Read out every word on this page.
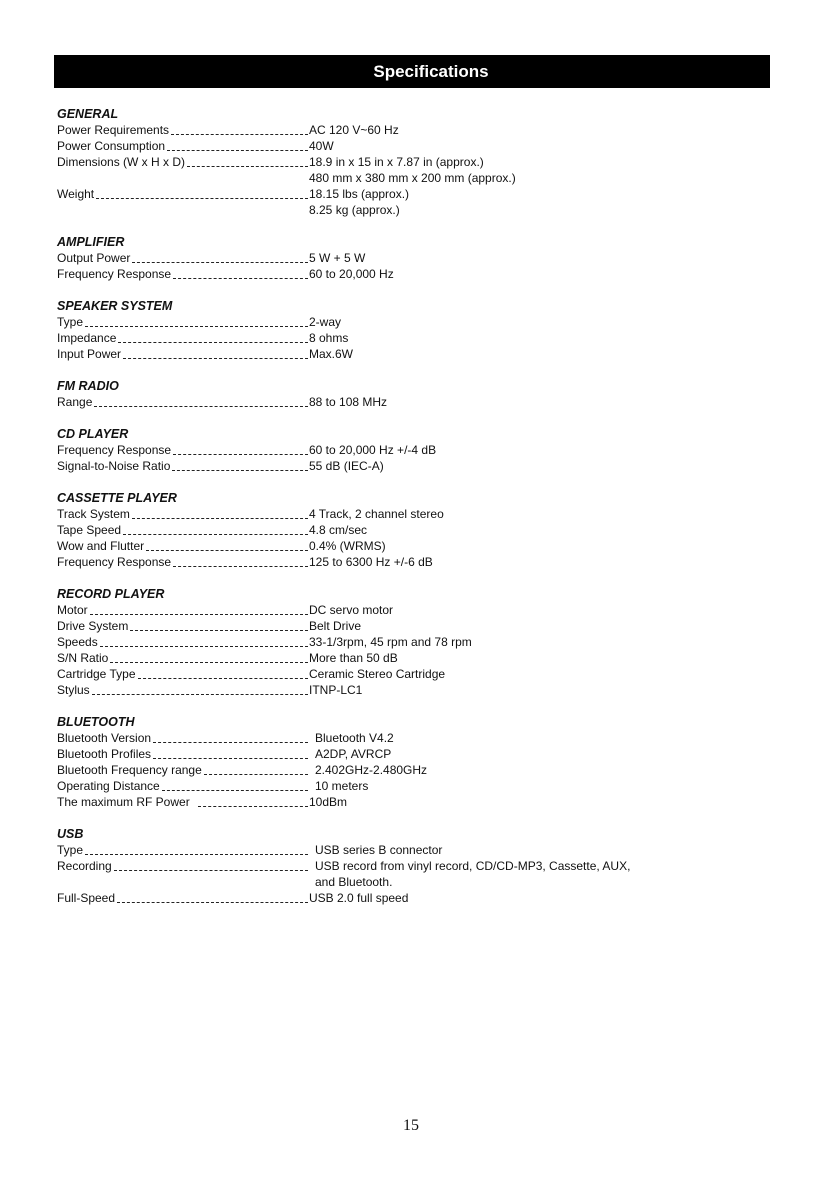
Specifications
GENERAL
Power Requirements	AC 120 V~60 Hz
Power Consumption	40W
Dimensions (W x H x D)	18.9 in x 15 in x 7.87 in (approx.)
480 mm x 380 mm x 200 mm (approx.)
Weight	18.15 lbs (approx.)
8.25 kg (approx.)
AMPLIFIER
Output Power	5 W + 5 W
Frequency Response	60 to 20,000 Hz
SPEAKER SYSTEM
Type	2-way
Impedance	8 ohms
Input Power	Max.6W
FM RADIO
Range	88 to 108 MHz
CD PLAYER
Frequency Response	60 to 20,000 Hz +/-4 dB
Signal-to-Noise Ratio	55 dB (IEC-A)
CASSETTE PLAYER
Track System	4 Track, 2 channel stereo
Tape Speed	4.8 cm/sec
Wow and Flutter	0.4% (WRMS)
Frequency Response	125 to 6300 Hz +/-6 dB
RECORD PLAYER
Motor	DC servo motor
Drive System	Belt Drive
Speeds	33-1/3rpm, 45 rpm and 78 rpm
S/N Ratio	More than 50 dB
Cartridge Type	Ceramic Stereo Cartridge
Stylus	ITNP-LC1
BLUETOOTH
Bluetooth Version	Bluetooth V4.2
Bluetooth Profiles	A2DP, AVRCP
Bluetooth Frequency range	2.402GHz-2.480GHz
Operating Distance	10 meters
The maximum RF Power	10dBm
USB
Type	USB series B connector
Recording	USB record from vinyl record, CD/CD-MP3, Cassette, AUX,
and Bluetooth.
Full-Speed	USB 2.0 full speed
15
